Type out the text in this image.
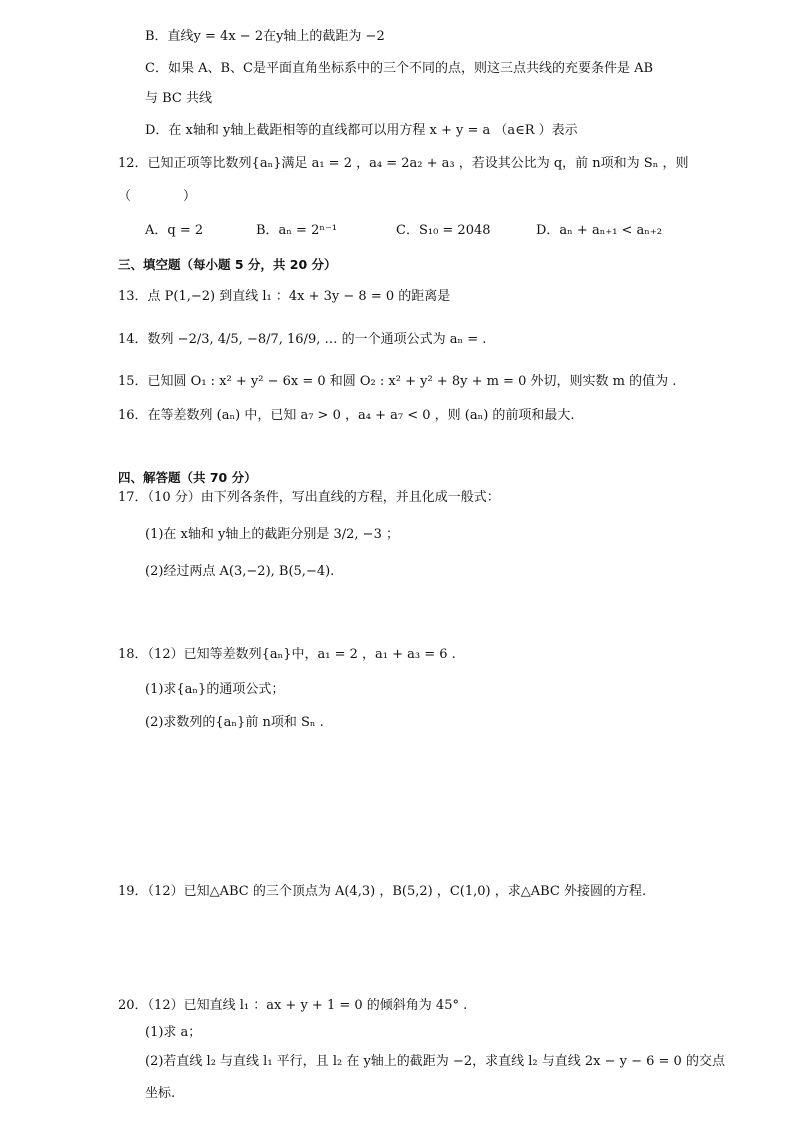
B．直线y = 4x − 2在y轴上的截距为 −2
C．如果 A、B、C是平面直角坐标系中的三个不同的点，则这三点共线的充要条件是 AB
与 BC 共线
D．在 x轴和 y轴上截距相等的直线都可以用方程 x + y = a （a∈R ）表示
12．已知正项等比数列{aₙ}满足 a₁ = 2 ，a₄ = 2a₂ + a₃ ，若设其公比为 q，前 n项和为 Sₙ ，则
（　　　　）
A．q = 2	B．aₙ = 2ⁿ⁻¹	C．S₁₀ = 2048	D．aₙ + aₙ₊₁ < aₙ₊₂
三、填空题（每小题 5 分，共 20 分）
13．点 P(1,−2) 到直线 l₁ ：4x + 3y − 8 = 0 的距离是
14．数列 −2/3, 4/5, −8/7, 16/9, … 的一个通项公式为 aₙ = .
15．已知圆 O₁ : x² + y² − 6x = 0 和圆 O₂ : x² + y² + 8y + m = 0 外切，则实数 m 的值为 .
16．在等差数列 (aₙ) 中，已知 a₇ > 0 ，a₄ + a₇ < 0 ，则 (aₙ) 的前项和最大.
四、解答题（共 70 分）
17．（10 分）由下列各条件，写出直线的方程，并且化成一般式：
(1)在 x轴和 y轴上的截距分别是 3/2, −3 ；
(2)经过两点 A(3,−2), B(5,−4).
18．（12）已知等差数列{aₙ}中，a₁ = 2 ，a₁ + a₃ = 6 .
(1)求{aₙ}的通项公式；
(2)求数列的{aₙ}前 n项和 Sₙ .
19．（12）已知△ABC 的三个顶点为 A(4,3) ，B(5,2) ，C(1,0) ，求△ABC 外接圆的方程.
20．（12）已知直线 l₁ ：ax + y + 1 = 0 的倾斜角为 45° .
(1)求 a；
(2)若直线 l₂ 与直线 l₁ 平行，且 l₂ 在 y轴上的截距为 −2，求直线 l₂ 与直线 2x − y − 6 = 0 的交点
坐标.
